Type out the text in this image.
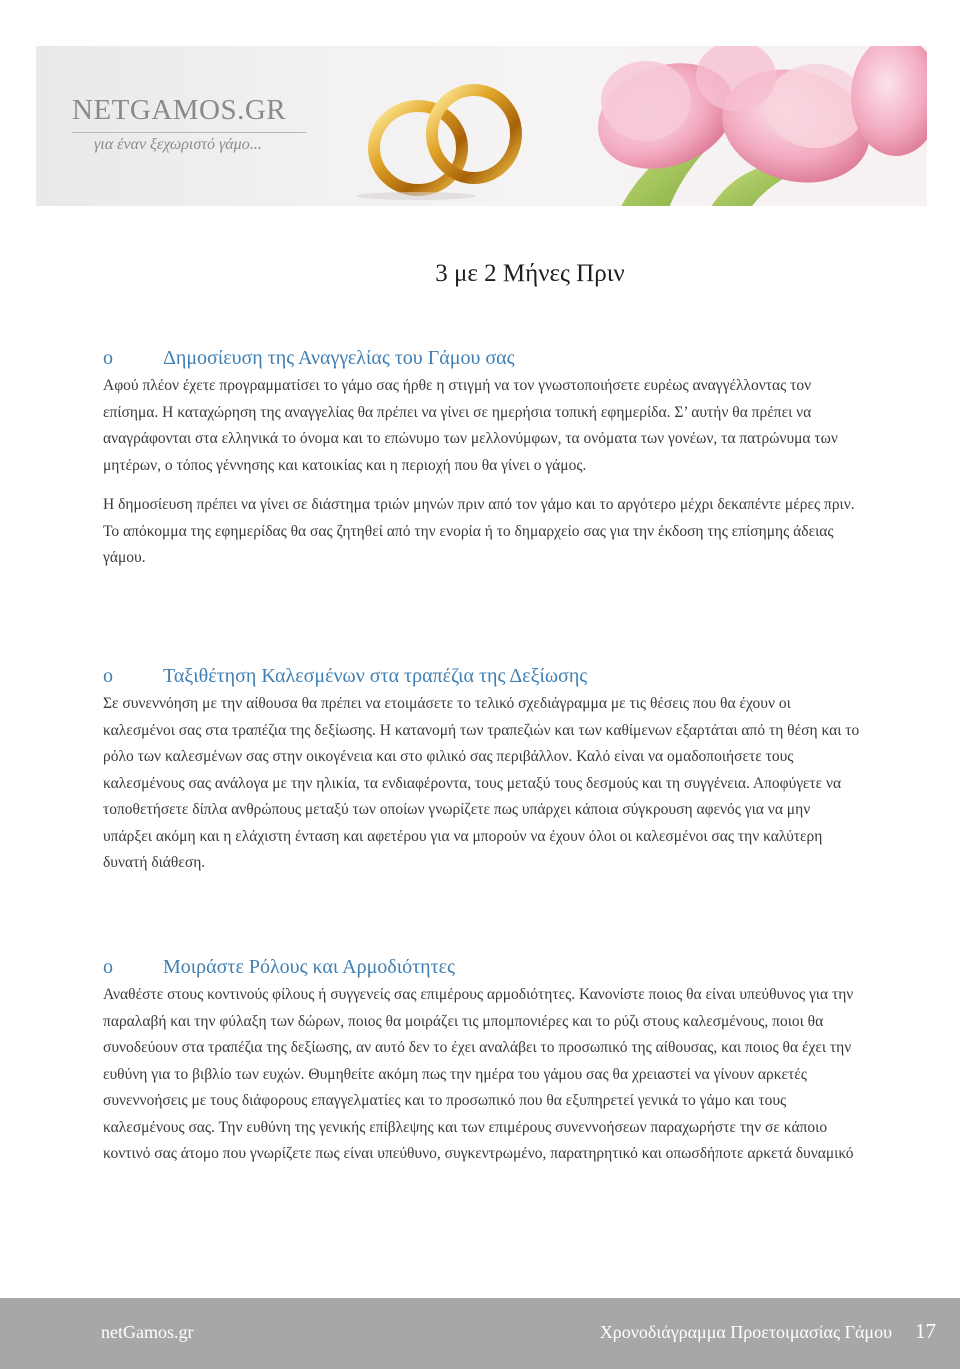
NETGAMOS.GR
για έναν ξεχωριστό γάμο...
3 με 2 Μήνες Πριν
o	Δημοσίευση της Αναγγελίας του Γάμου σας

Αφού πλέον έχετε προγραμματίσει το γάμο σας ήρθε η στιγμή να τον γνωστοποιήσετε ευρέως αναγγέλλοντας τον επίσημα. Η καταχώρηση της αναγγελίας θα πρέπει να γίνει σε ημερήσια τοπική εφημερίδα. Σ’ αυτήν θα πρέπει να αναγράφονται στα ελληνικά το όνομα και το επώνυμο των μελλονύμφων, τα ονόματα των γονέων, τα πατρώνυμα των μητέρων, ο τόπος γέννησης και κατοικίας και η περιοχή που θα γίνει ο γάμος.

Η δημοσίευση πρέπει να γίνει σε διάστημα τριών μηνών πριν από τον γάμο και το αργότερο μέχρι δεκαπέντε μέρες πριν. Το απόκομμα της εφημερίδας θα σας ζητηθεί από την ενορία ή το δημαρχείο σας για την έκδοση της επίσημης άδειας γάμου.

o	Ταξιθέτηση Καλεσμένων στα τραπέζια της Δεξίωσης

Σε συνεννόηση με την αίθουσα θα πρέπει να ετοιμάσετε το τελικό σχεδιάγραμμα με τις θέσεις που θα έχουν οι καλεσμένοι σας στα τραπέζια της δεξίωσης. Η κατανομή των τραπεζιών και των καθίμενων εξαρτάται από τη θέση και το ρόλο των καλεσμένων σας στην οικογένεια και στο φιλικό σας περιβάλλον. Καλό είναι να ομαδοποιήσετε τους καλεσμένους σας ανάλογα με την ηλικία, τα ενδιαφέροντα, τους μεταξύ τους δεσμούς και τη συγγένεια. Αποφύγετε να τοποθετήσετε δίπλα ανθρώπους μεταξύ των οποίων γνωρίζετε πως υπάρχει κάποια σύγκρουση αφενός για να μην υπάρξει ακόμη και η ελάχιστη ένταση και αφετέρου για να μπορούν να έχουν όλοι οι καλεσμένοι σας την καλύτερη δυνατή διάθεση.

o	Μοιράστε Ρόλους και Αρμοδιότητες

Αναθέστε στους κοντινούς φίλους ή συγγενείς σας επιμέρους αρμοδιότητες. Κανονίστε ποιος θα είναι υπεύθυνος για την παραλαβή και την φύλαξη των δώρων, ποιος θα μοιράζει τις μπομπονιέρες και το ρύζι στους καλεσμένους, ποιοι θα συνοδεύουν στα τραπέζια της δεξίωσης, αν αυτό δεν το έχει αναλάβει το προσωπικό της αίθουσας, και ποιος θα έχει την ευθύνη για το βιβλίο των ευχών. Θυμηθείτε ακόμη πως την ημέρα του γάμου σας θα χρειαστεί να γίνουν αρκετές συνεννοήσεις με τους διάφορους επαγγελματίες και το προσωπικό που θα εξυπηρετεί γενικά το γάμο και τους καλεσμένους σας. Την ευθύνη της γενικής επίβλεψης και των επιμέρους συνεννοήσεων παραχωρήστε την σε κάποιο κοντινό σας άτομο που γνωρίζετε πως είναι υπεύθυνο, συγκεντρωμένο, παρατηρητικό και οπωσδήποτε αρκετά δυναμικό

netGamos.gr	Χρονοδιάγραμμα Προετοιμασίας Γάμου 17
